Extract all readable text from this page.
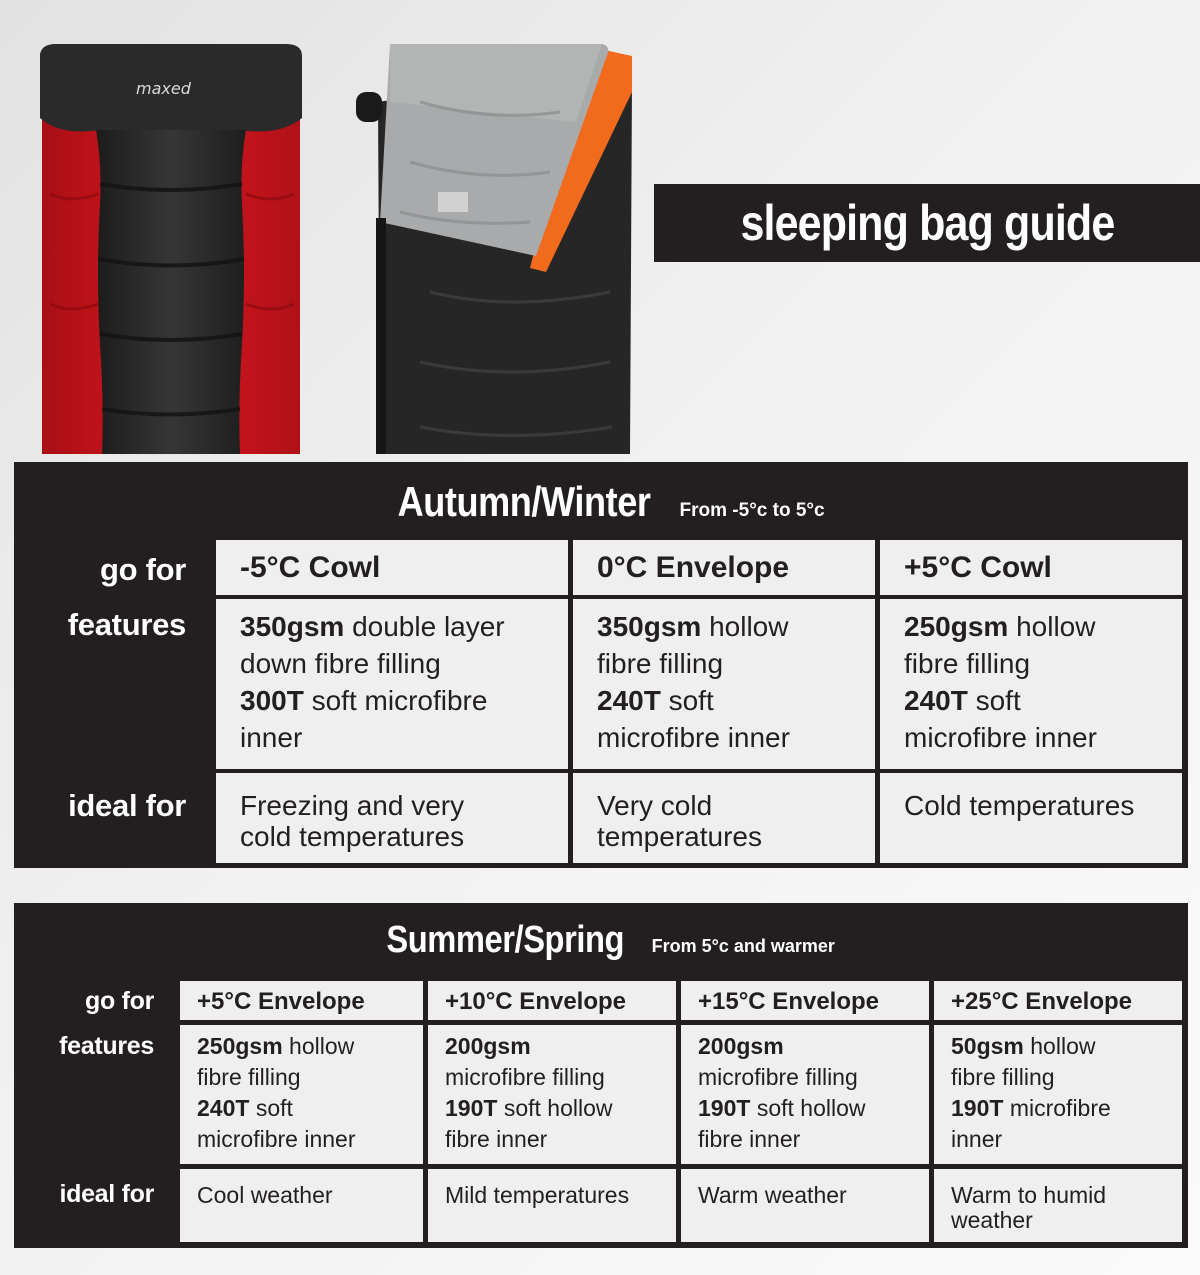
maxed
sleeping bag guide
Autumn/Winter From -5°c to 5°c
go for
features
ideal for
-5°C Cowl
350gsm double layer
down fibre filling
300T soft microfibre
inner
Freezing and very
cold temperatures
0°C Envelope
350gsm hollow
fibre filling
240T soft
microfibre inner
Very cold
temperatures
+5°C Cowl
250gsm hollow
fibre filling
240T soft
microfibre inner
Cold temperatures
Summer/Spring From 5°c and warmer
go for
features
ideal for
+5°C Envelope
250gsm hollow
fibre filling
240T soft
microfibre inner
Cool weather
+10°C Envelope
200gsm
microfibre filling
190T soft hollow
fibre inner
Mild temperatures
+15°C Envelope
200gsm
microfibre filling
190T soft hollow
fibre inner
Warm weather
+25°C Envelope
50gsm hollow
fibre filling
190T microfibre
inner
Warm to humid
weather
